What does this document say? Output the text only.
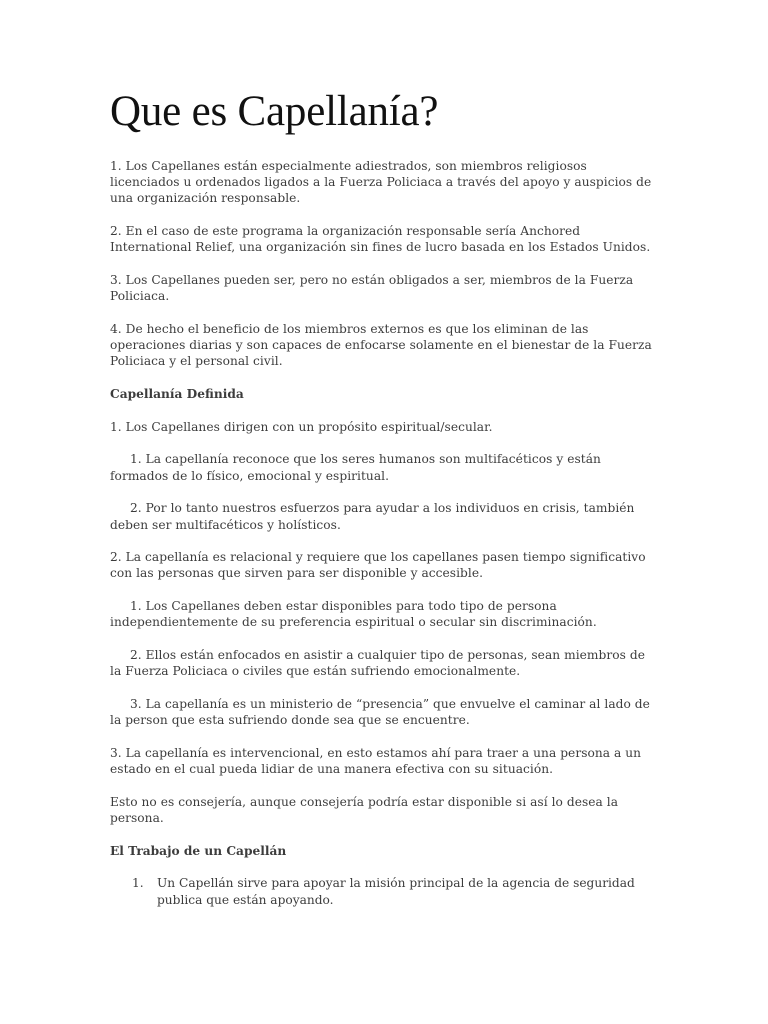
Que es Capellanía?

1. Los Capellanes están especialmente adiestrados, son miembros religiosos licenciados u ordenados ligados a la Fuerza Policiaca a través del apoyo y auspicios de una organización responsable.

2. En el caso de este programa la organización responsable sería Anchored International Relief, una organización sin fines de lucro basada en los Estados Unidos.

3. Los Capellanes pueden ser, pero no están obligados a ser, miembros de la Fuerza Policiaca.

4. De hecho el beneficio de los miembros externos es que los eliminan de las operaciones diarias y son capaces de enfocarse solamente en el bienestar de la Fuerza Policiaca y el personal civil.

Capellanía Definida

1. Los Capellanes dirigen con un propósito espiritual/secular.

1. La capellanía reconoce que los seres humanos son multifacéticos y están formados de lo físico, emocional y espiritual.

2. Por lo tanto nuestros esfuerzos para ayudar a los individuos en crisis, también deben ser multifacéticos y holísticos.

2. La capellanía es relacional y requiere que los capellanes pasen tiempo significativo con las personas que sirven para ser disponible y accesible.

1. Los Capellanes deben estar disponibles para todo tipo de persona independientemente de su preferencia espiritual o secular sin discriminación.

2. Ellos están enfocados en asistir a cualquier tipo de personas, sean miembros de la Fuerza Policiaca o civiles que están sufriendo emocionalmente.

3. La capellanía es un ministerio de “presencia” que envuelve el caminar al lado de la person que esta sufriendo donde sea que se encuentre.

3. La capellanía es intervencional, en esto estamos ahí para traer a una persona a un estado en el cual pueda lidiar de una manera efectiva con su situación.

Esto no es consejería, aunque consejería podría estar disponible si así lo desea la persona.

El Trabajo de un Capellán

1.	Un Capellán sirve para apoyar la misión principal de la agencia de seguridad publica que están apoyando.
